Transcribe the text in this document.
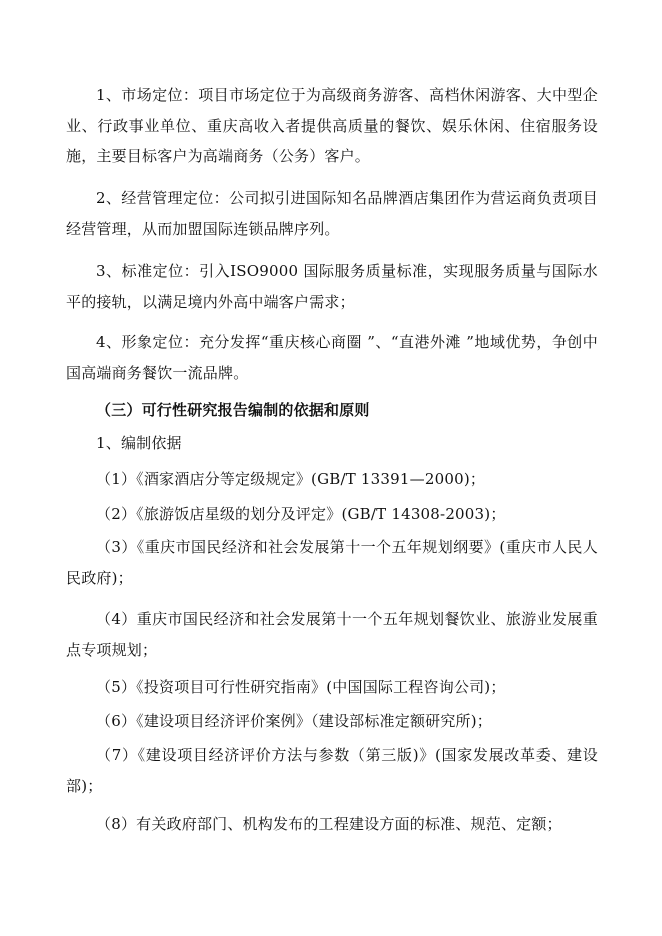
1、市场定位：项目市场定位于为高级商务游客、高档休闲游客、大中型企业、行政事业单位、重庆高收入者提供高质量的餐饮、娱乐休闲、住宿服务设施，主要目标客户为高端商务（公务）客户。

2、经营管理定位：公司拟引进国际知名品牌酒店集团作为营运商负责项目经营管理，从而加盟国际连锁品牌序列。

3、标准定位：引入ISO9000 国际服务质量标准，实现服务质量与国际水平的接轨，以满足境内外高中端客户需求；

4、形象定位：充分发挥“重庆核心商圈 ”、“直港外滩 ”地域优势，争创中国高端商务餐饮一流品牌。

（三）可行性研究报告编制的依据和原则

1、编制依据

（1）《酒家酒店分等定级规定》(GB/T 13391—2000)；

（2）《旅游饭店星级的划分及评定》(GB/T 14308-2003)；

（3）《重庆市国民经济和社会发展第十一个五年规划纲要》(重庆市人民人民政府)；

（4）重庆市国民经济和社会发展第十一个五年规划餐饮业、旅游业发展重点专项规划；

（5）《投资项目可行性研究指南》(中国国际工程咨询公司)；

（6）《建设项目经济评价案例》（建设部标准定额研究所)；

（7）《建设项目经济评价方法与参数（第三版)》(国家发展改革委、建设部)；

（8）有关政府部门、机构发布的工程建设方面的标准、规范、定额；
